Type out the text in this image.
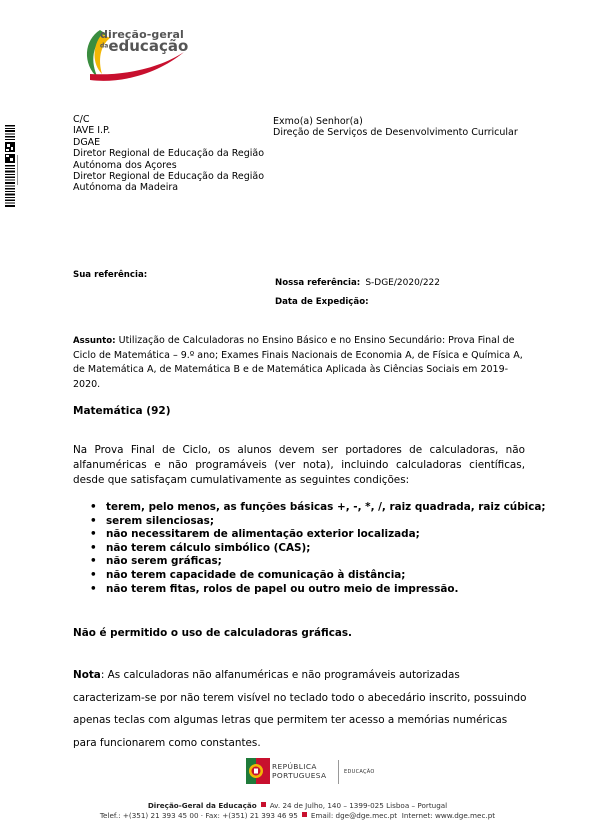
direção-geral
daeducação
C/C
IAVE I.P.
DGAE
Diretor Regional de Educação da Região
Autónoma dos Açores
Diretor Regional de Educação da Região
Autónoma da Madeira
Exmo(a) Senhor(a)
Direção de Serviços de Desenvolvimento Curricular
Sua referência:
Nossa referência: S-DGE/2020/222
Data de Expedição:
Assunto: Utilização de Calculadoras no Ensino Básico e no Ensino Secundário: Prova Final de Ciclo de Matemática – 9.º ano; Exames Finais Nacionais de Economia A, de Física e Química A, de Matemática A, de Matemática B e de Matemática Aplicada às Ciências Sociais em 2019-2020.
Matemática (92)
Na Prova Final de Ciclo, os alunos devem ser portadores de calculadoras, não alfanuméricas e não programáveis (ver nota), incluindo calculadoras científicas, desde que satisfaçam cumulativamente as seguintes condições:
• terem, pelo menos, as funções básicas +, -, *, /, raiz quadrada, raiz cúbica;
• serem silenciosas;
• não necessitarem de alimentação exterior localizada;
• não terem cálculo simbólico (CAS);
• não serem gráficas;
• não terem capacidade de comunicação à distância;
• não terem fitas, rolos de papel ou outro meio de impressão.
Não é permitido o uso de calculadoras gráficas.
Nota: As calculadoras não alfanuméricas e não programáveis autorizadas caracterizam-se por não terem visível no teclado todo o abecedário inscrito, possuindo apenas teclas com algumas letras que permitem ter acesso a memórias numéricas para funcionarem como constantes.
REPÚBLICA
PORTUGUESA	EDUCAÇÃO
Direção-Geral da Educação Av. 24 de Julho, 140 – 1399-025 Lisboa – Portugal
Telef.: +(351) 21 393 45 00 · Fax: +(351) 21 393 46 95 Email: dge@dge.mec.pt Internet: www.dge.mec.pt
